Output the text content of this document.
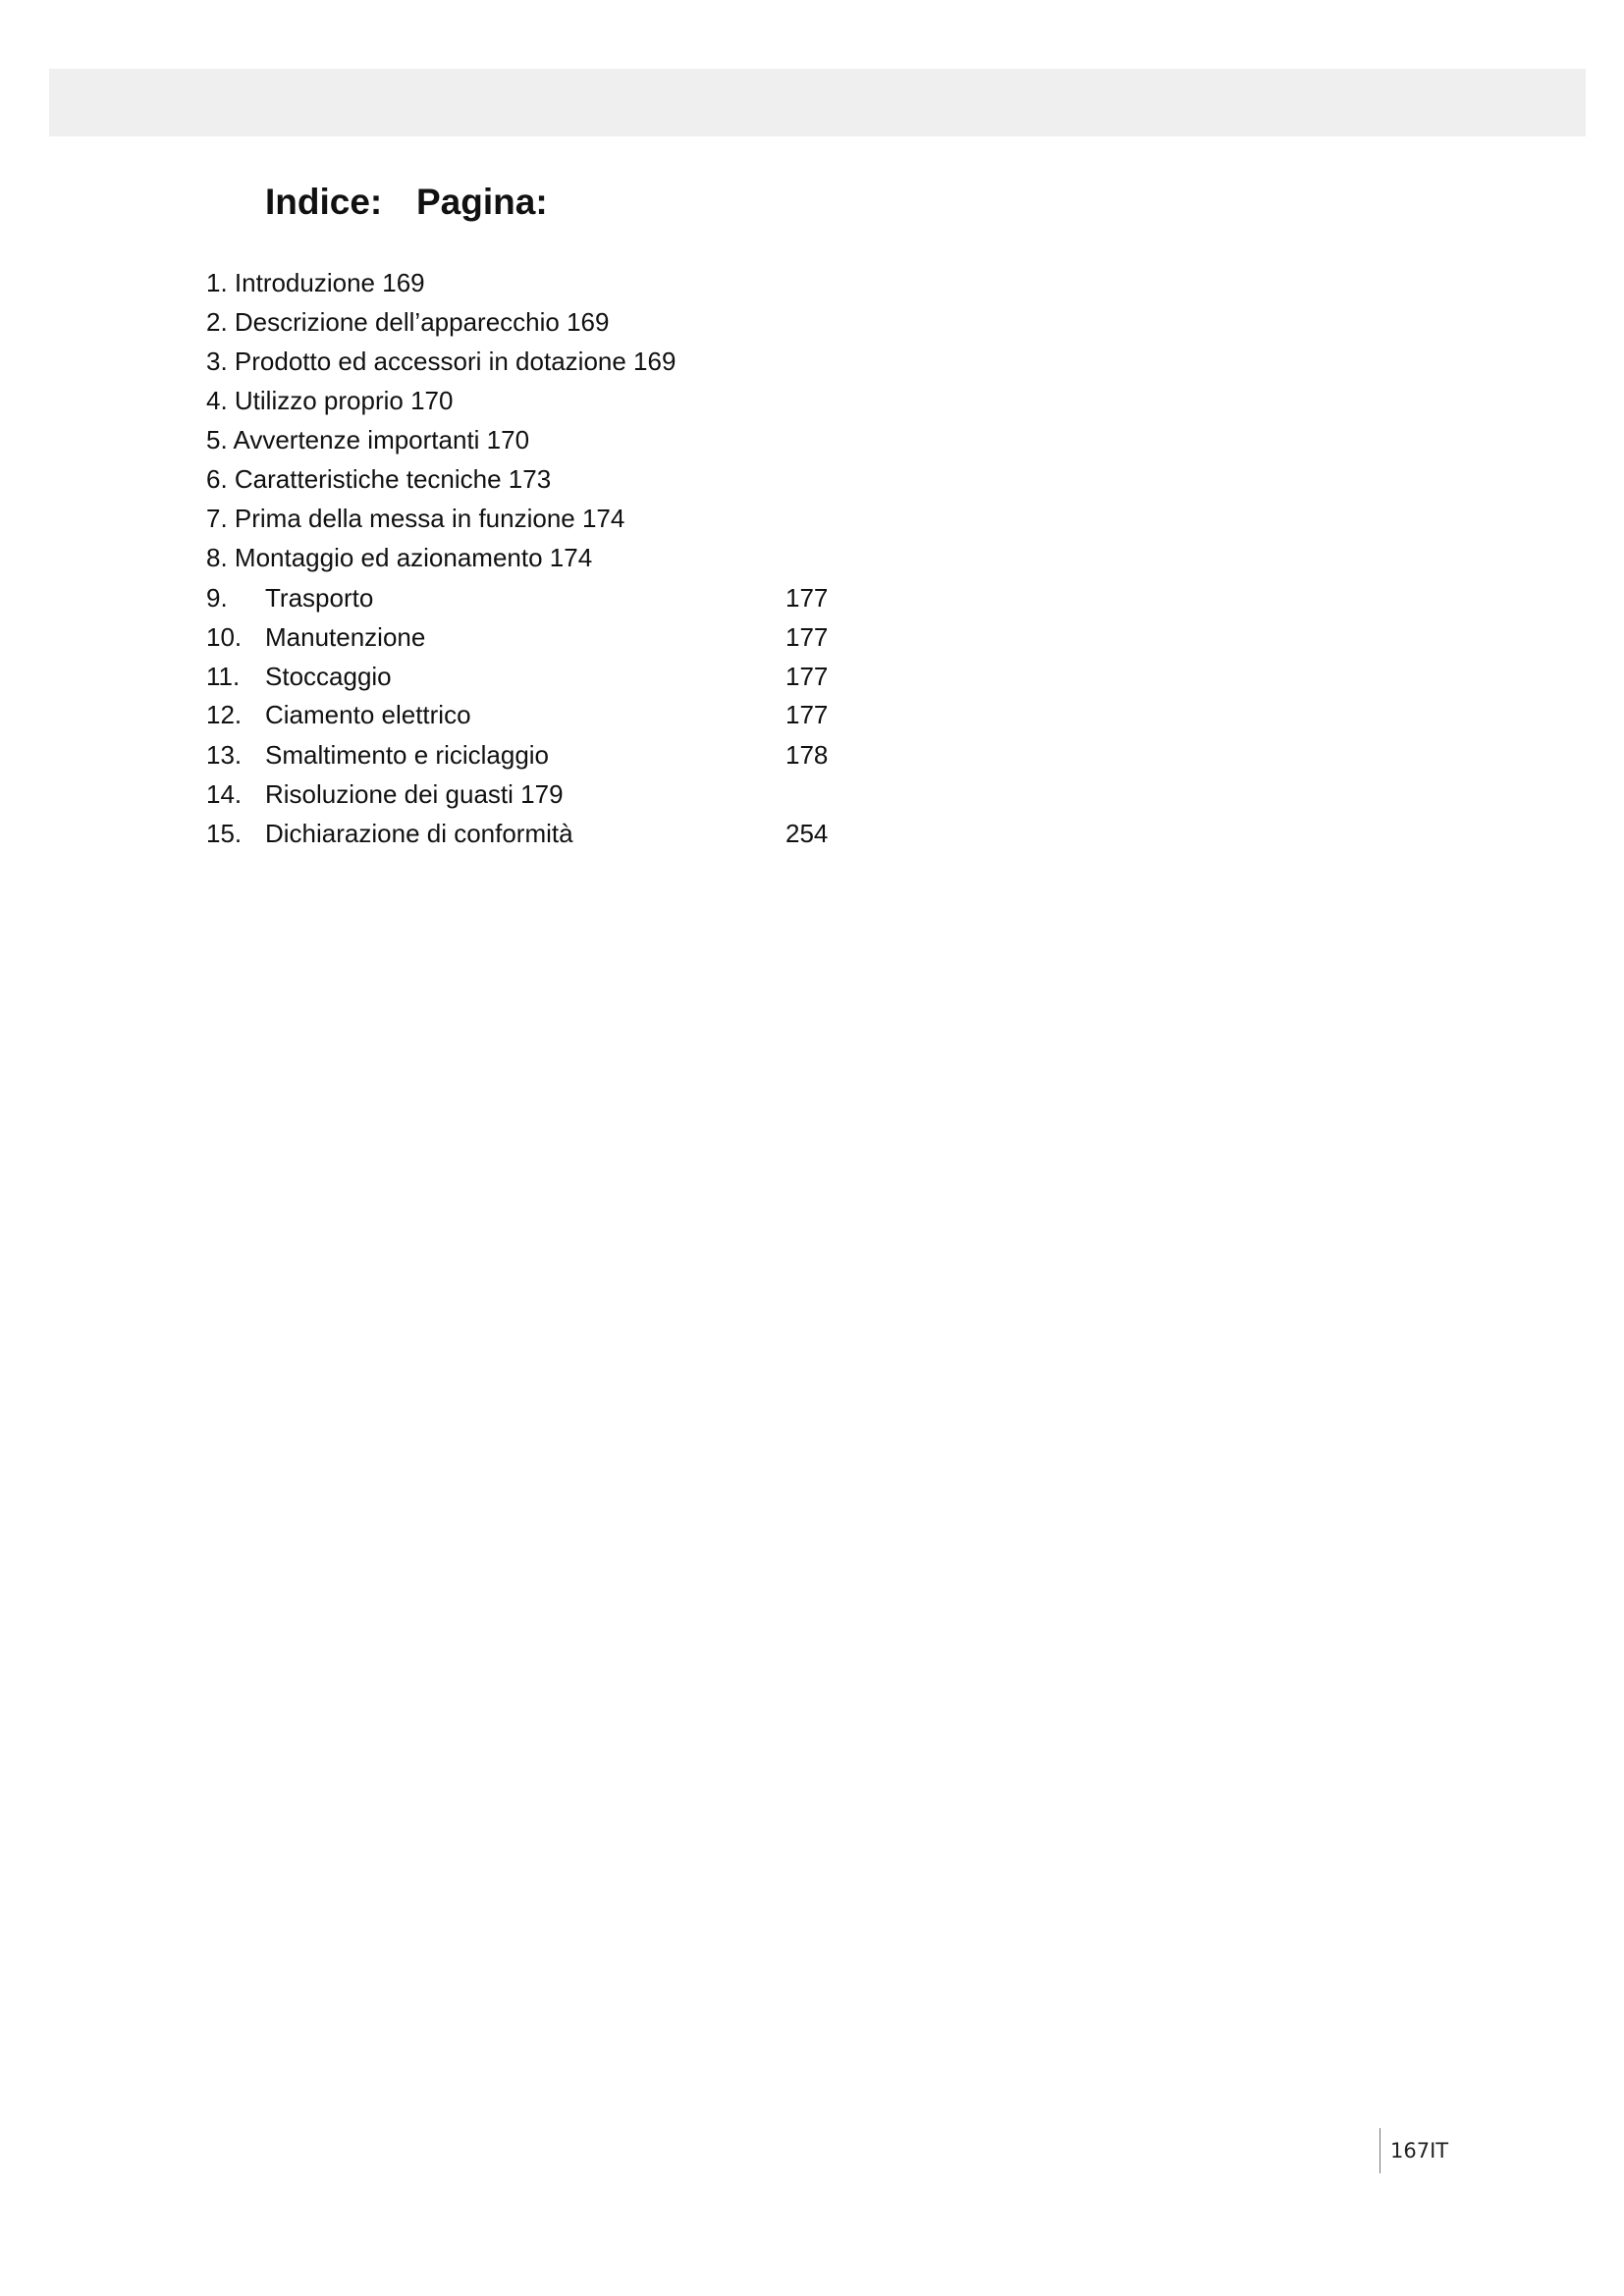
Indice: Pagina:
1. Introduzione 169
2. Descrizione dell’apparecchio 169
3. Prodotto ed accessori in dotazione 169
4. Utilizzo proprio 170
5. Avvertenze importanti 170
6. Caratteristiche tecniche 173
7. Prima della messa in funzione 174
8. Montaggio ed azionamento 174
9. Trasporto	177
10. Manutenzione	177
11. Stoccaggio	177
12. Ciamento elettrico	177
13. Smaltimento e riciclaggio	178
14. Risoluzione dei guasti 179
15. Dichiarazione di conformità	254
167IT
